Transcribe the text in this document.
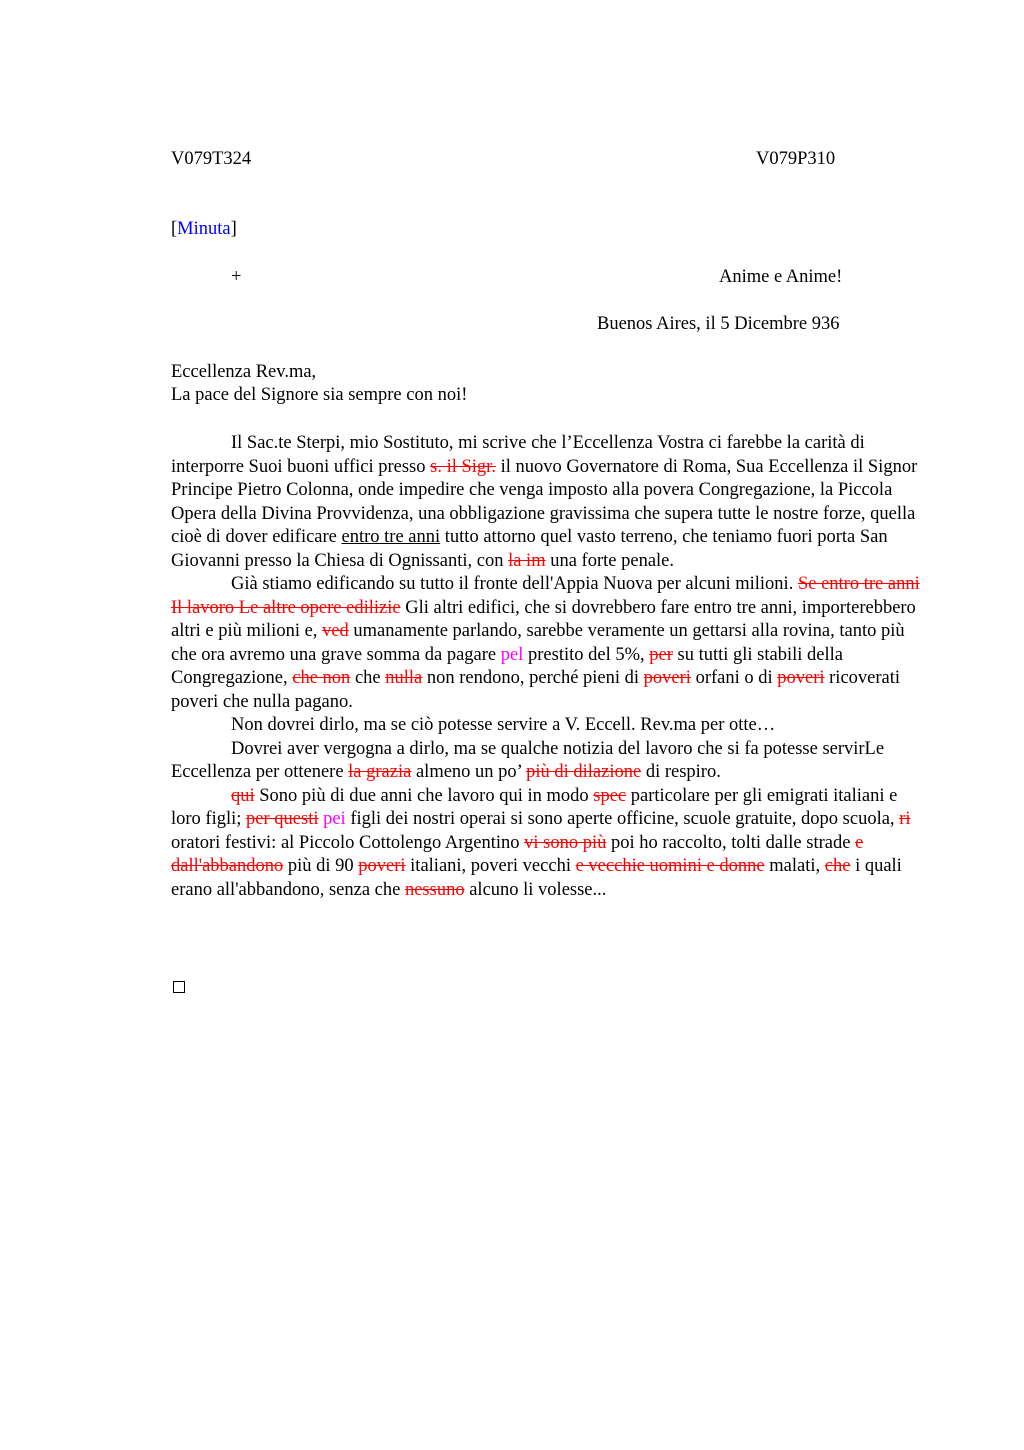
V079T324	V079P310
[Minuta]
+	Anime e Anime!
Buenos Aires, il 5 Dicembre 936
Eccellenza Rev.ma,
La pace del Signore sia sempre con noi!

Il Sac.te Sterpi, mio Sostituto, mi scrive che l’Eccellenza Vostra ci farebbe la carità di interporre Suoi buoni uffici presso s. il Sigr. il nuovo Governatore di Roma, Sua Eccellenza il Signor Principe Pietro Colonna, onde impedire che venga imposto alla povera Congregazione, la Piccola Opera della Divina Provvidenza, una obbligazione gravissima che supera tutte le nostre forze, quella cioè di dover edificare entro tre anni tutto attorno quel vasto terreno, che teniamo fuori porta San Giovanni presso la Chiesa di Ognissanti, con la im una forte penale.

Già stiamo edificando su tutto il fronte dell'Appia Nuova per alcuni milioni. Se entro tre anni Il lavoro Le altre opere edilizie Gli altri edifici, che si dovrebbero fare entro tre anni, importerebbero altri e più milioni e, ved umanamente parlando, sarebbe veramente un gettarsi alla rovina, tanto più che ora avremo una grave somma da pagare pel prestito del 5%, per su tutti gli stabili della Congregazione, che non che nulla non rendono, perché pieni di poveri orfani o di poveri ricoverati poveri che nulla pagano.

Non dovrei dirlo, ma se ciò potesse servire a V. Eccell. Rev.ma per otte…

Dovrei aver vergogna a dirlo, ma se qualche notizia del lavoro che si fa potesse servirLe Eccellenza per ottenere la grazia almeno un po’ più di dilazione di respiro.

qui Sono più di due anni che lavoro qui in modo spec particolare per gli emigrati italiani e loro figli; per questi pei figli dei nostri operai si sono aperte officine, scuole gratuite, dopo scuola, ri oratori festivi: al Piccolo Cottolengo Argentino vi sono più poi ho raccolto, tolti dalle strade e dall'abbandono più di 90 poveri italiani, poveri vecchi e vecchie uomini e donne malati, che i quali erano all'abbandono, senza che nessuno alcuno li volesse...
